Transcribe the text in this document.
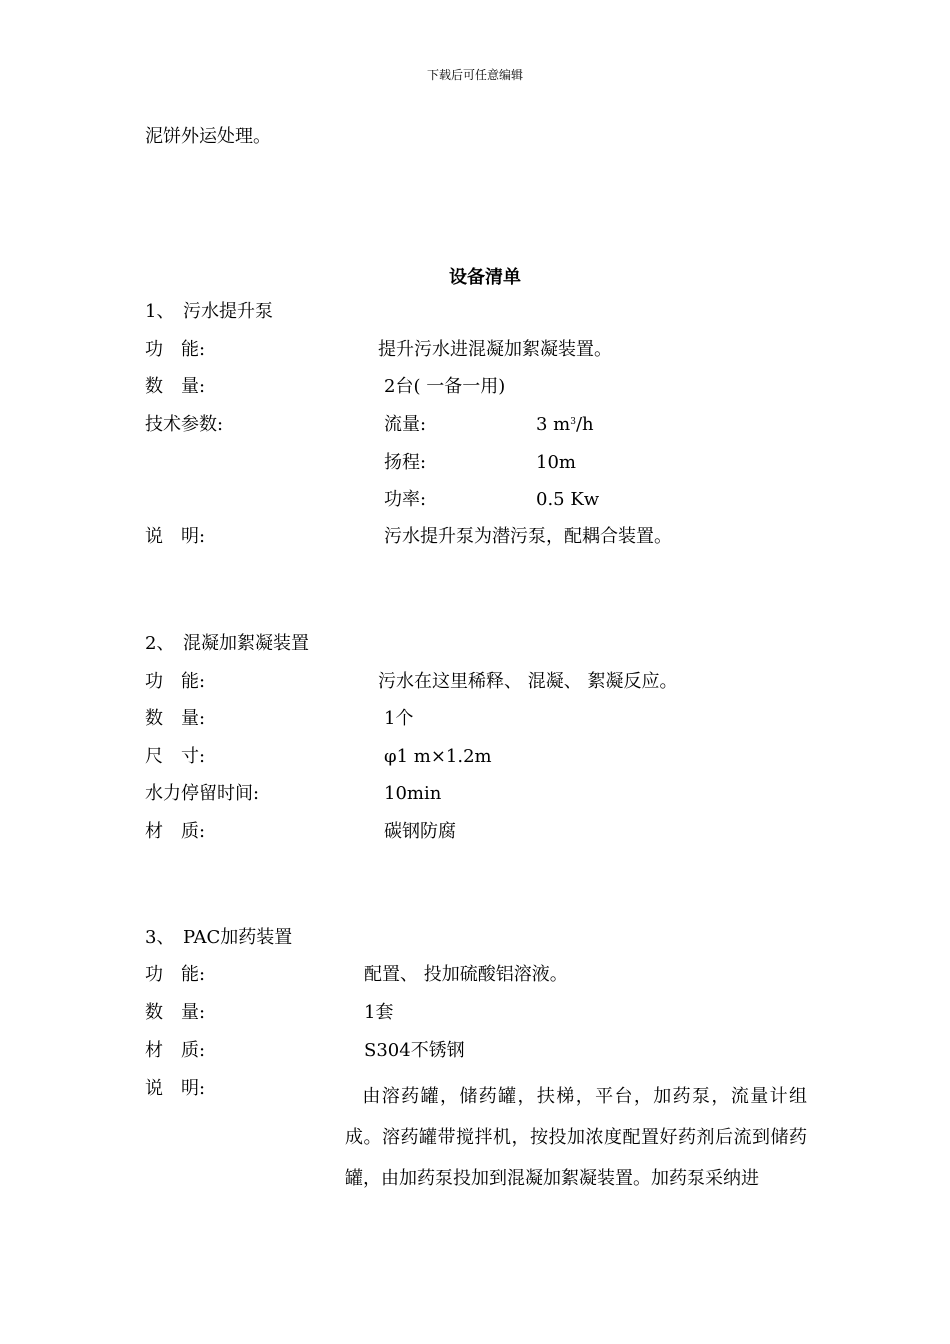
下载后可任意编辑
泥饼外运处理。
设备清单
1、 污水提升泵
功　能:	提升污水进混凝加絮凝装置。
数　量:	2台( 一备一用)
技术参数:	流量:	3 $m^3/h$
扬程:	10m
功率:	0.5 Kw
说　明:	污水提升泵为潜污泵，配耦合装置。
2、 混凝加絮凝装置
功　能:	污水在这里稀释、 混凝、 絮凝反应。
数　量:	1个
尺　寸:	φ1 m×1.2m
水力停留时间:	10min
材　质:	碳钢防腐
3、 PAC加药装置
功　能:	配置、 投加硫酸铝溶液。
数　量:	1套
材　质:	S304不锈钢
说　明:	由溶药罐，储药罐，扶梯，平台，加药泵，流量计组成。溶药罐带搅拌机，按投加浓度配置好药剂后流到储药罐，由加药泵投加到混凝加絮凝装置。加药泵采纳进
